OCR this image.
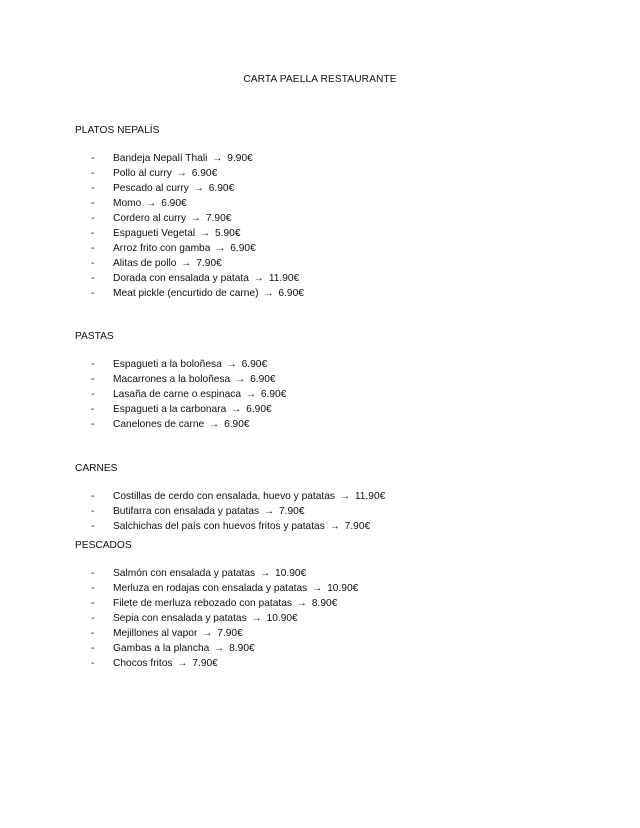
CARTA PAELLA RESTAURANTE
PLATOS NEPALÍS
- Bandeja Nepalí Thali → 9.90€
- Pollo al curry → 6.90€
- Pescado al curry → 6.90€
- Momo → 6.90€
- Cordero al curry → 7.90€
- Espagueti Vegetal → 5.90€
- Arroz frito con gamba → 6.90€
- Alitas de pollo → 7.90€
- Dorada con ensalada y patata → 11.90€
- Meat pickle (encurtido de carne) → 6.90€
PASTAS
- Espagueti a la boloñesa → 6.90€
- Macarrones a la boloñesa → 6.90€
- Lasaña de carne o espinaca → 6.90€
- Espagueti a la carbonara → 6.90€
- Canelones de carne → 6.90€
CARNES
- Costillas de cerdo con ensalada, huevo y patatas → 11.90€
- Butifarra con ensalada y patatas → 7.90€
- Salchichas del país con huevos fritos y patatas → 7.90€
PESCADOS
- Salmón con ensalada y patatas → 10.90€
- Merluza en rodajas con ensalada y patatas → 10.90€
- Filete de merluza rebozado con patatas → 8.90€
- Sepia con ensalada y patatas → 10.90€
- Mejillones al vapor → 7.90€
- Gambas a la plancha → 8.90€
- Chocos fritos → 7.90€
